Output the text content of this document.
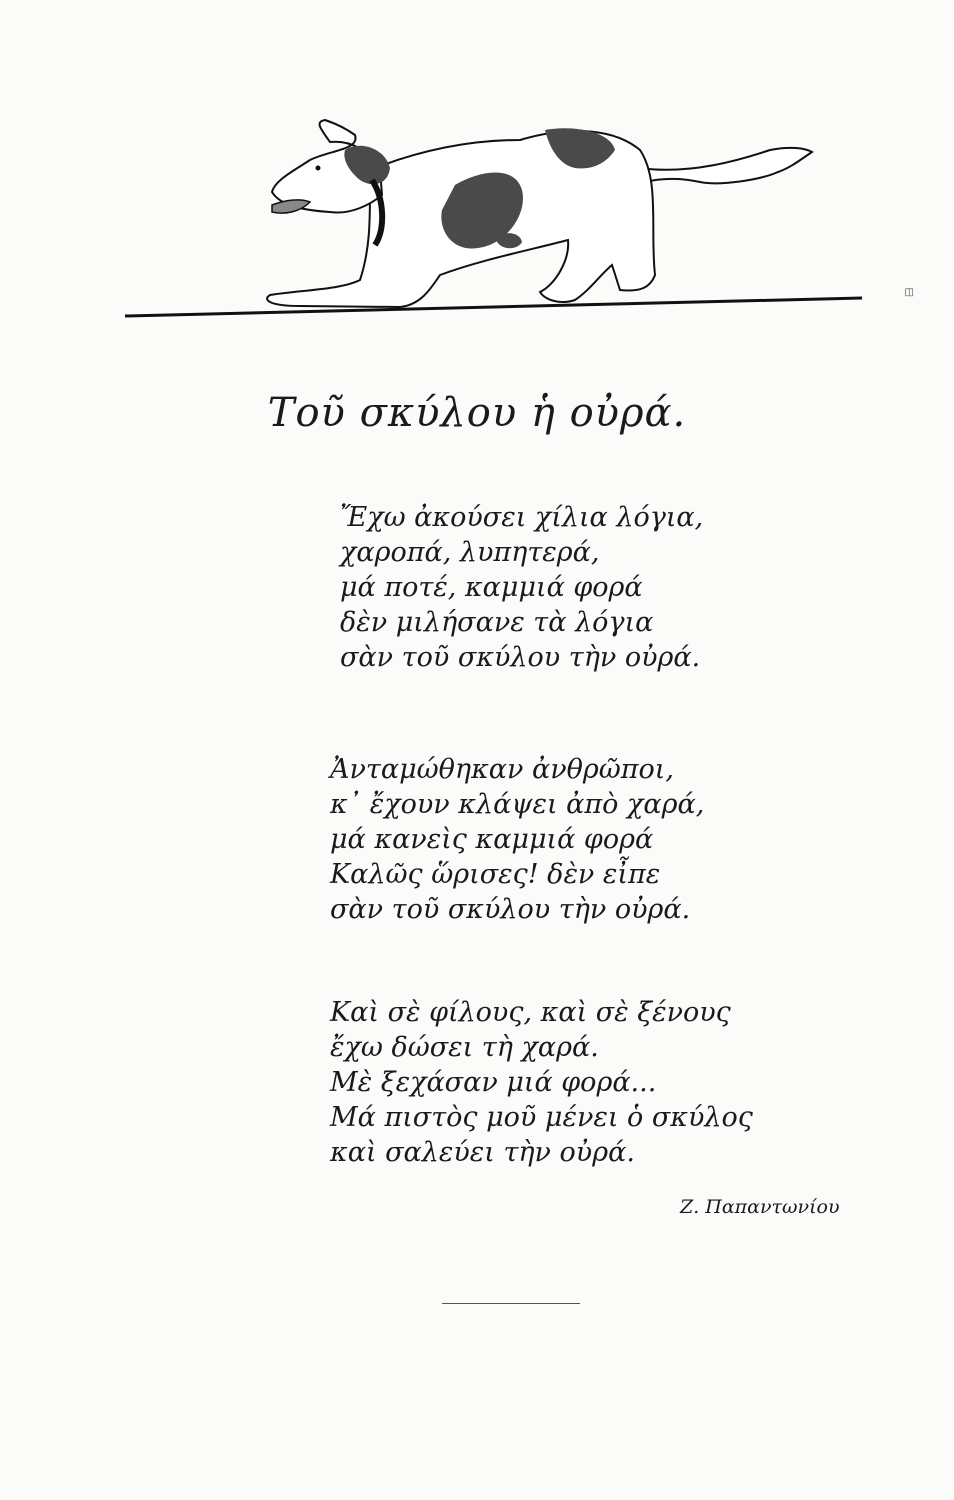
◫
Τοῦ σκύλου ἡ οὐρά.
Ἔχω ἀκούσει χίλια λόγια,
χαροπά, λυπητερά,
μά ποτέ, καμμιά φορά
δὲν μιλήσανε τὰ λόγια
σὰν τοῦ σκύλου τὴν οὐρά.
Ἀνταμώθηκαν ἀνθρῶποι,
κ᾽ ἔχουν κλάψει ἀπὸ χαρά,
μά κανεὶς καμμιά φορά
Καλῶς ὥρισες! δὲν εἶπε
σὰν τοῦ σκύλου τὴν οὐρά.
Καὶ σὲ φίλους, καὶ σὲ ξένους
ἔχω δώσει τὴ χαρά.
Μὲ ξεχάσαν μιά φορά...
Μά πιστὸς μοῦ μένει ὁ σκύλος
καὶ σαλεύει τὴν οὐρά.
Ζ. Παπαντωνίου
